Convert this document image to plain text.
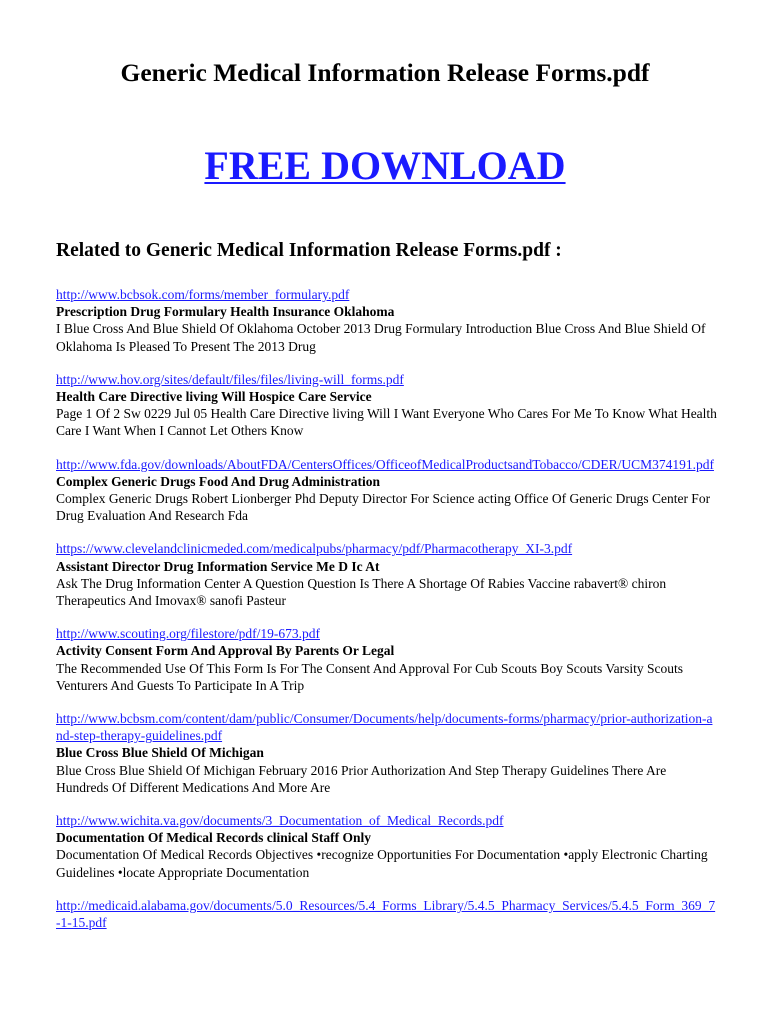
Generic Medical Information Release Forms.pdf
FREE DOWNLOAD
Related to Generic Medical Information Release Forms.pdf :
http://www.bcbsok.com/forms/member_formulary.pdf
Prescription Drug Formulary Health Insurance Oklahoma
I Blue Cross And Blue Shield Of Oklahoma October 2013 Drug Formulary Introduction Blue Cross And Blue Shield Of Oklahoma Is Pleased To Present The 2013 Drug
http://www.hov.org/sites/default/files/files/living-will_forms.pdf
Health Care Directive living Will Hospice Care Service
Page 1 Of 2 Sw 0229 Jul 05 Health Care Directive living Will I Want Everyone Who Cares For Me To Know What Health Care I Want When I Cannot Let Others Know
http://www.fda.gov/downloads/AboutFDA/CentersOffices/OfficeofMedicalProductsandTobacco/CDER/UCM374191.pdf
Complex Generic Drugs Food And Drug Administration
Complex Generic Drugs Robert Lionberger Phd Deputy Director For Science acting Office Of Generic Drugs Center For Drug Evaluation And Research Fda
https://www.clevelandclinicmeded.com/medicalpubs/pharmacy/pdf/Pharmacotherapy_XI-3.pdf
Assistant Director Drug Information Service Me D Ic At
Ask The Drug Information Center A Question Question Is There A Shortage Of Rabies Vaccine rabavert® chiron Therapeutics And Imovax® sanofi Pasteur
http://www.scouting.org/filestore/pdf/19-673.pdf
Activity Consent Form And Approval By Parents Or Legal
The Recommended Use Of This Form Is For The Consent And Approval For Cub Scouts Boy Scouts Varsity Scouts Venturers And Guests To Participate In A Trip
http://www.bcbsm.com/content/dam/public/Consumer/Documents/help/documents-forms/pharmacy/prior-authorization-and-step-therapy-guidelines.pdf
Blue Cross Blue Shield Of Michigan
Blue Cross Blue Shield Of Michigan February 2016 Prior Authorization And Step Therapy Guidelines There Are Hundreds Of Different Medications And More Are
http://www.wichita.va.gov/documents/3_Documentation_of_Medical_Records.pdf
Documentation Of Medical Records clinical Staff Only
Documentation Of Medical Records Objectives •recognize Opportunities For Documentation •apply Electronic Charting Guidelines •locate Appropriate Documentation
http://medicaid.alabama.gov/documents/5.0_Resources/5.4_Forms_Library/5.4.5_Pharmacy_Services/5.4.5_Form_369_7-1-15.pdf
